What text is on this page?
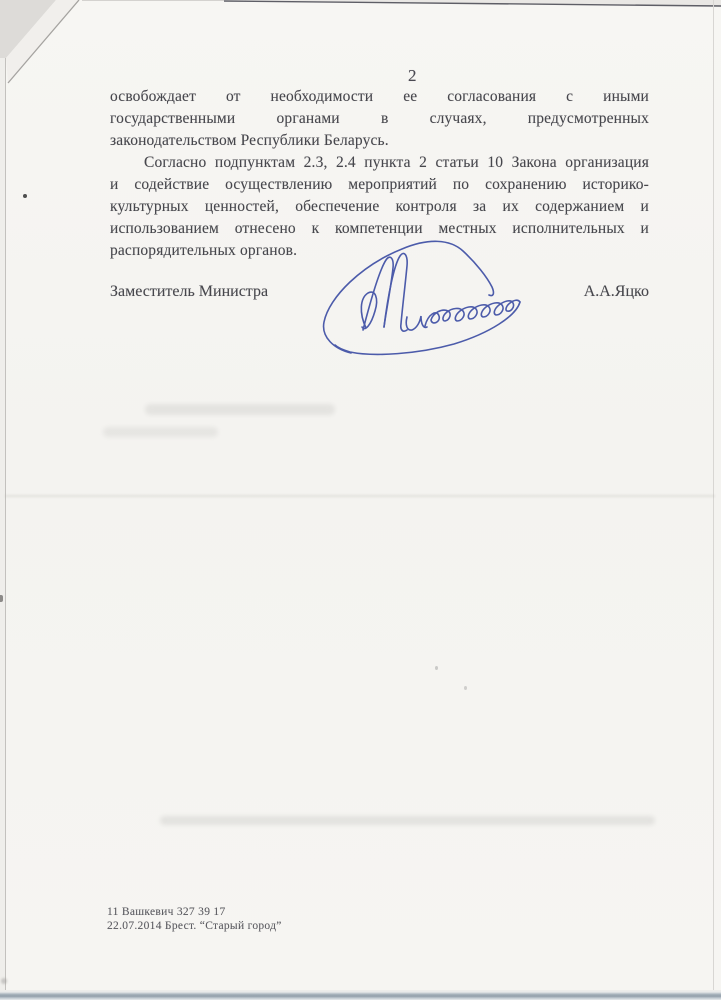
2
освобождает от необходимости ее согласования с иными
государственными органами в случаях, предусмотренных
законодательством Республики Беларусь.
Согласно подпунктам 2.3, 2.4 пункта 2 статьи 10 Закона организация
и содействие осуществлению мероприятий по сохранению историко-
культурных ценностей, обеспечение контроля за их содержанием и
использованием отнесено к компетенции местных исполнительных и
распорядительных органов.
Заместитель Министра	А.А.Яцко
11 Вашкевич 327 39 17
22.07.2014 Брест. “Старый город”
